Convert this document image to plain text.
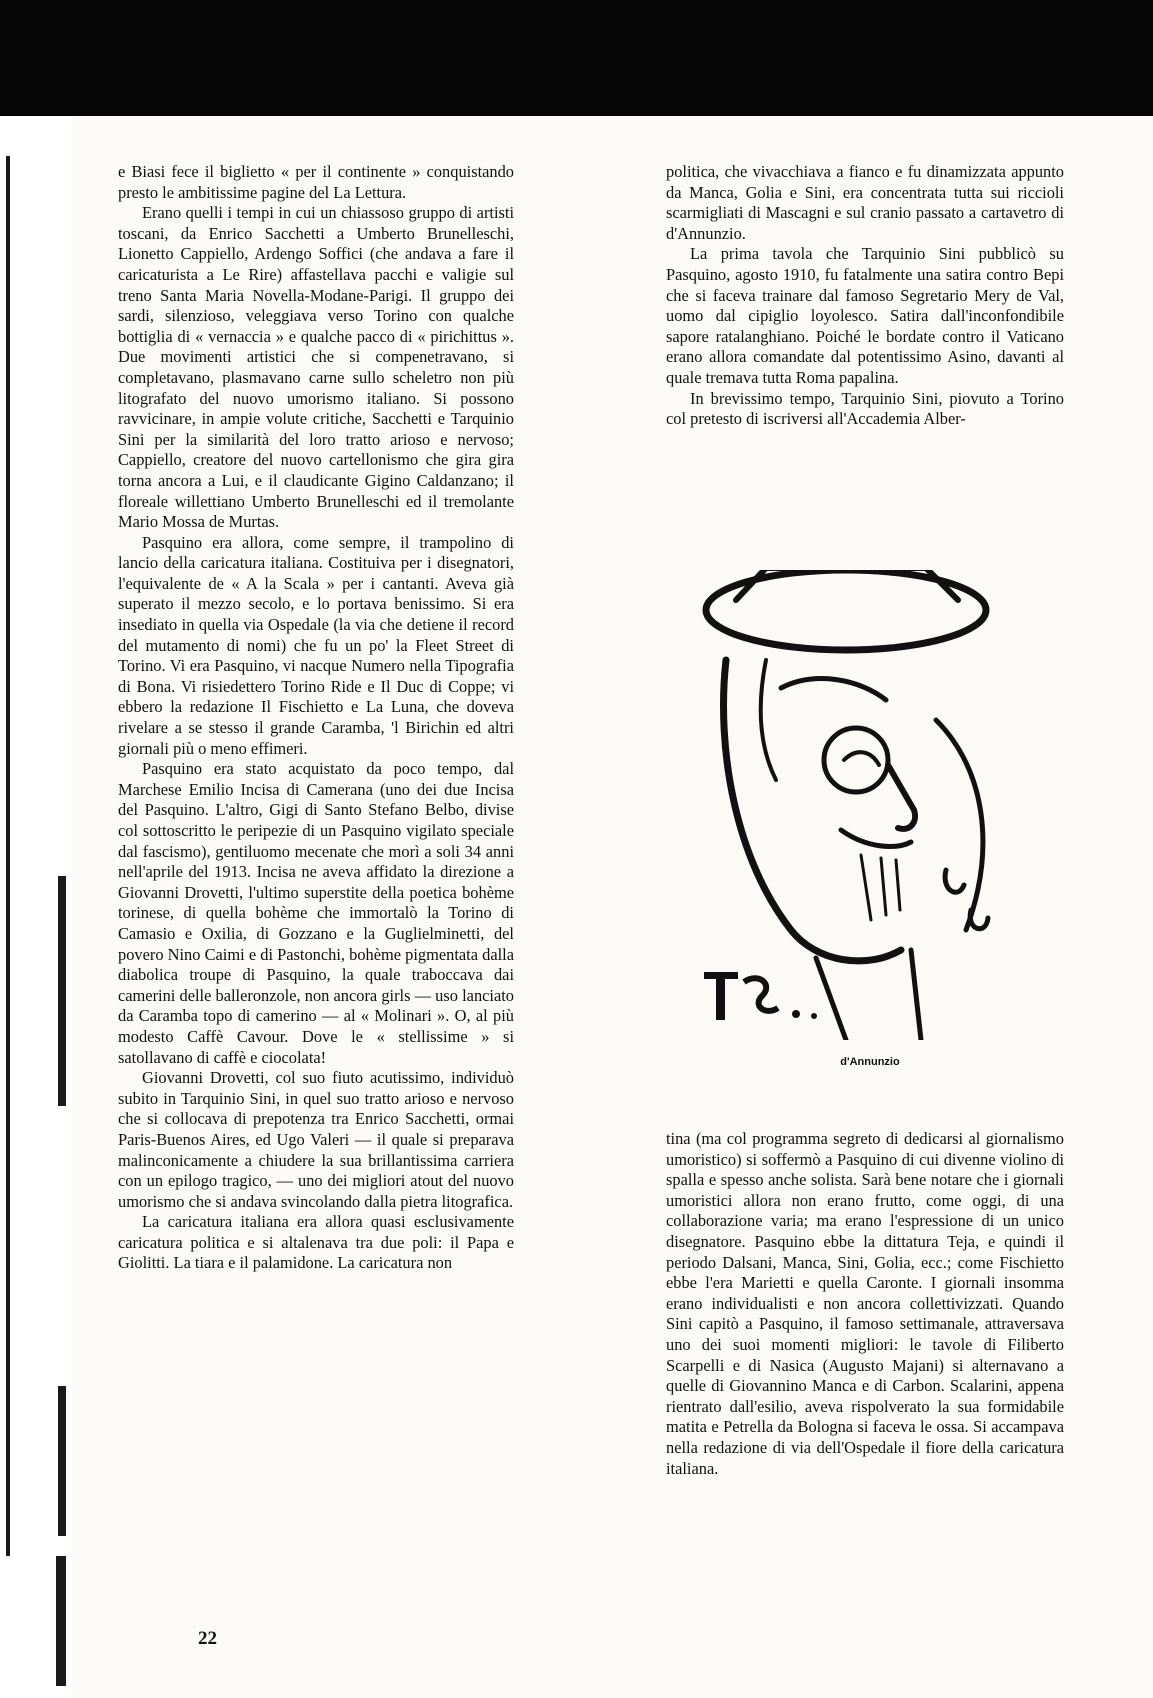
e Biasi fece il biglietto « per il continente » conquistando presto le ambitissime pagine del La Lettura.

Erano quelli i tempi in cui un chiassoso gruppo di artisti toscani, da Enrico Sacchetti a Umberto Brunelleschi, Lionetto Cappiello, Ardengo Soffici (che andava a fare il caricaturista a Le Rire) affastellava pacchi e valigie sul treno Santa Maria Novella-Modane-Parigi. Il gruppo dei sardi, silenzioso, veleggiava verso Torino con qualche bottiglia di « vernaccia » e qualche pacco di « pirichittus ». Due movimenti artistici che si compenetravano, si completavano, plasmavano carne sullo scheletro non più litografato del nuovo umorismo italiano. Si possono ravvicinare, in ampie volute critiche, Sacchetti e Tarquinio Sini per la similarità del loro tratto arioso e nervoso; Cappiello, creatore del nuovo cartellonismo che gira gira torna ancora a Lui, e il claudicante Gigino Caldanzano; il floreale willettiano Umberto Brunelleschi ed il tremolante Mario Mossa de Murtas.

Pasquino era allora, come sempre, il trampolino di lancio della caricatura italiana. Costituiva per i disegnatori, l'equivalente de « A la Scala » per i cantanti. Aveva già superato il mezzo secolo, e lo portava benissimo. Si era insediato in quella via Ospedale (la via che detiene il record del mutamento di nomi) che fu un po' la Fleet Street di Torino. Vi era Pasquino, vi nacque Numero nella Tipografia di Bona. Vi risiedettero Torino Ride e Il Duc di Coppe; vi ebbero la redazione Il Fischietto e La Luna, che doveva rivelare a se stesso il grande Caramba, 'l Birichin ed altri giornali più o meno effimeri.

Pasquino era stato acquistato da poco tempo, dal Marchese Emilio Incisa di Camerana (uno dei due Incisa del Pasquino. L'altro, Gigi di Santo Stefano Belbo, divise col sottoscritto le peripezie di un Pasquino vigilato speciale dal fascismo), gentiluomo mecenate che morì a soli 34 anni nell'aprile del 1913. Incisa ne aveva affidato la direzione a Giovanni Drovetti, l'ultimo superstite della poetica bohème torinese, di quella bohème che immortalò la Torino di Camasio e Oxilia, di Gozzano e la Guglielminetti, del povero Nino Caimi e di Pastonchi, bohème pigmentata dalla diabolica troupe di Pasquino, la quale traboccava dai camerini delle balleronzole, non ancora girls — uso lanciato da Caramba topo di camerino — al « Molinari ». O, al più modesto Caffè Cavour. Dove le « stellissime » si satollavano di caffè e ciocolata!

Giovanni Drovetti, col suo fiuto acutissimo, individuò subito in Tarquinio Sini, in quel suo tratto arioso e nervoso che si collocava di prepotenza tra Enrico Sacchetti, ormai Paris-Buenos Aires, ed Ugo Valeri — il quale si preparava malinconicamente a chiudere la sua brillantissima carriera con un epilogo tragico, — uno dei migliori atout del nuovo umorismo che si andava svincolando dalla pietra litografica.

La caricatura italiana era allora quasi esclusivamente caricatura politica e si altalenava tra due poli: il Papa e Giolitti. La tiara e il palamidone. La caricatura non

politica, che vivacchiava a fianco e fu dinamizzata appunto da Manca, Golia e Sini, era concentrata tutta sui riccioli scarmigliati di Mascagni e sul cranio passato a cartavetro di d'Annunzio.

La prima tavola che Tarquinio Sini pubblicò su Pasquino, agosto 1910, fu fatalmente una satira contro Bepi che si faceva trainare dal famoso Segretario Mery de Val, uomo dal cipiglio loyolesco. Satira dall'inconfondibile sapore ratalanghiano. Poiché le bordate contro il Vaticano erano allora comandate dal potentissimo Asino, davanti al quale tremava tutta Roma papalina.

In brevissimo tempo, Tarquinio Sini, piovuto a Torino col pretesto di iscriversi all'Accademia Alber-

d'Annunzio

tina (ma col programma segreto di dedicarsi al giornalismo umoristico) si soffermò a Pasquino di cui divenne violino di spalla e spesso anche solista. Sarà bene notare che i giornali umoristici allora non erano frutto, come oggi, di una collaborazione varia; ma erano l'espressione di un unico disegnatore. Pasquino ebbe la dittatura Teja, e quindi il periodo Dalsani, Manca, Sini, Golia, ecc.; come Fischietto ebbe l'era Marietti e quella Caronte. I giornali insomma erano individualisti e non ancora collettivizzati. Quando Sini capitò a Pasquino, il famoso settimanale, attraversava uno dei suoi momenti migliori: le tavole di Filiberto Scarpelli e di Nasica (Augusto Majani) si alternavano a quelle di Giovannino Manca e di Carbon. Scalarini, appena rientrato dall'esilio, aveva rispolverato la sua formidabile matita e Petrella da Bologna si faceva le ossa. Si accampava nella redazione di via dell'Ospedale il fiore della caricatura italiana.

22
